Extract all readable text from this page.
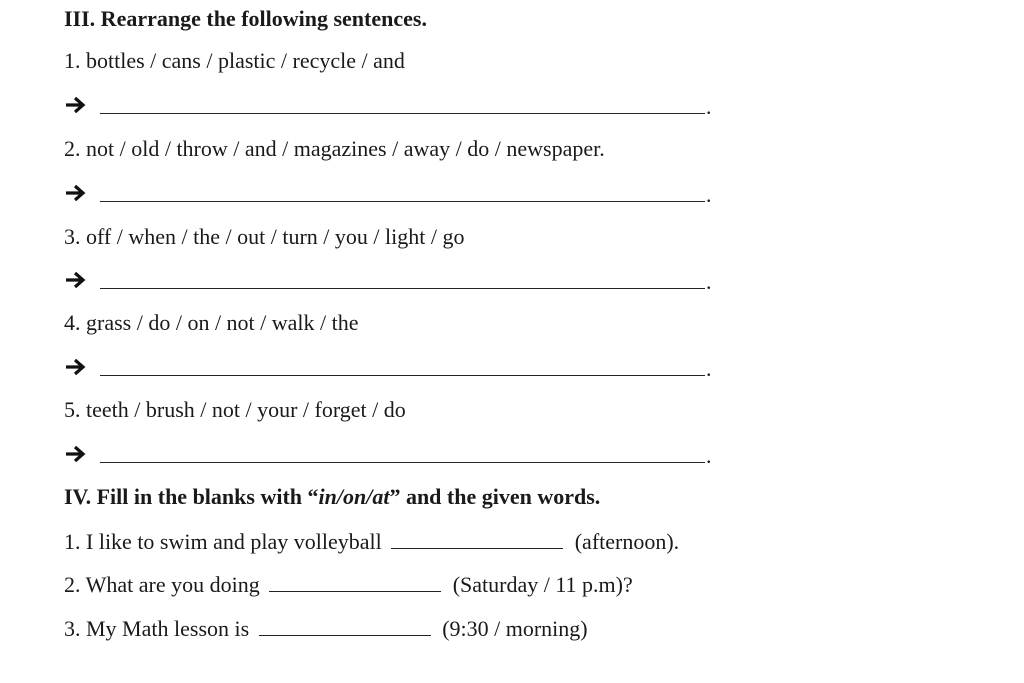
III. Rearrange the following sentences.
1. bottles / cans / plastic / recycle / and
.
2. not / old / throw / and / magazines / away / do / newspaper.
.
3. off / when / the / out / turn / you / light / go
.
4. grass / do / on / not / walk / the
.
5. teeth / brush / not / your / forget / do
.
IV. Fill in the blanks with “in/on/at” and the given words.
1. I like to swim and play volleyball	(afternoon).
2. What are you doing	(Saturday / 11 p.m)?
3. My Math lesson is	(9:30 / morning)
